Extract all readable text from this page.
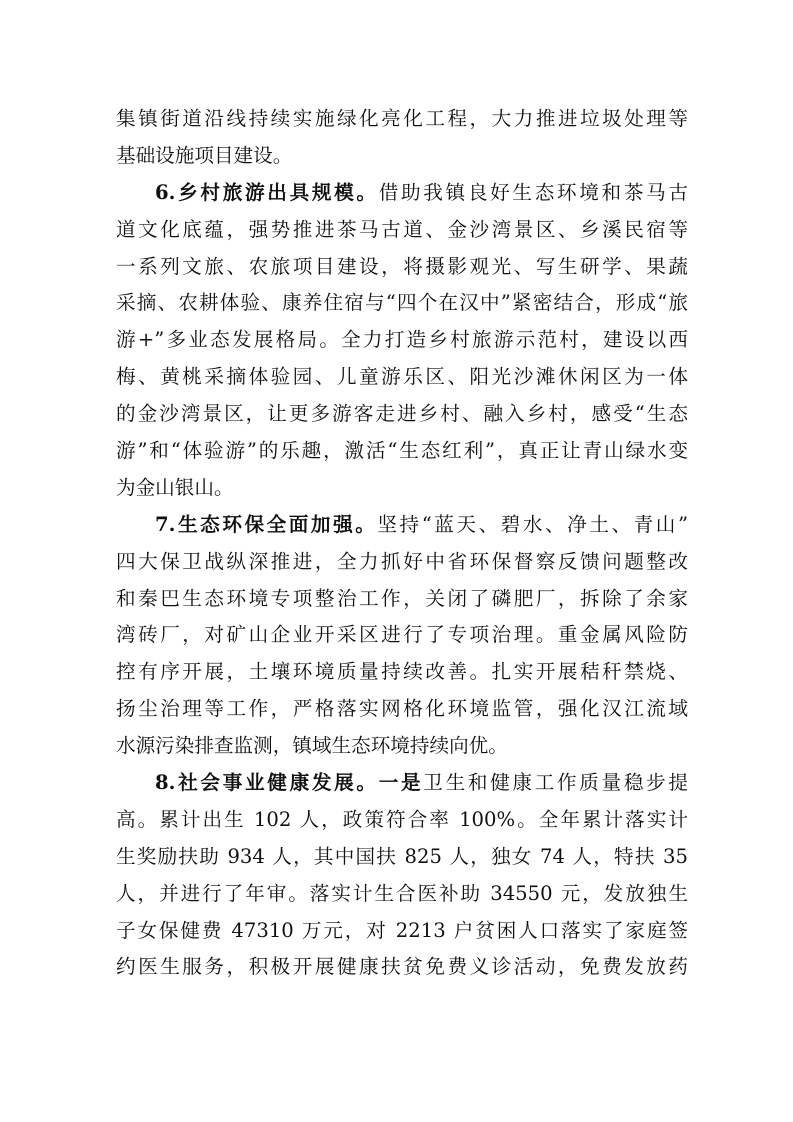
集镇街道沿线持续实施绿化亮化工程，大力推进垃圾处理等
基础设施项目建设。
6.乡村旅游出具规模。借助我镇良好生态环境和茶马古
道文化底蕴，强势推进茶马古道、金沙湾景区、乡溪民宿等
一系列文旅、农旅项目建设，将摄影观光、写生研学、果蔬
采摘、农耕体验、康养住宿与“四个在汉中”紧密结合，形成“旅
游+”多业态发展格局。全力打造乡村旅游示范村，建设以西
梅、黄桃采摘体验园、儿童游乐区、阳光沙滩休闲区为一体
的金沙湾景区，让更多游客走进乡村、融入乡村，感受“生态
游”和“体验游”的乐趣，激活“生态红利”，真正让青山绿水变
为金山银山。
7.生态环保全面加强。坚持“蓝天、碧水、净土、青山”
四大保卫战纵深推进，全力抓好中省环保督察反馈问题整改
和秦巴生态环境专项整治工作，关闭了磷肥厂，拆除了余家
湾砖厂，对矿山企业开采区进行了专项治理。重金属风险防
控有序开展，土壤环境质量持续改善。扎实开展秸秆禁烧、
扬尘治理等工作，严格落实网格化环境监管，强化汉江流域
水源污染排查监测，镇域生态环境持续向优。
8.社会事业健康发展。一是卫生和健康工作质量稳步提
高。累计出生 102 人，政策符合率 100%。全年累计落实计
生奖励扶助 934 人，其中国扶 825 人，独女 74 人，特扶 35
人，并进行了年审。落实计生合医补助 34550 元，发放独生
子女保健费 47310 万元，对 2213 户贫困人口落实了家庭签
约医生服务，积极开展健康扶贫免费义诊活动，免费发放药
